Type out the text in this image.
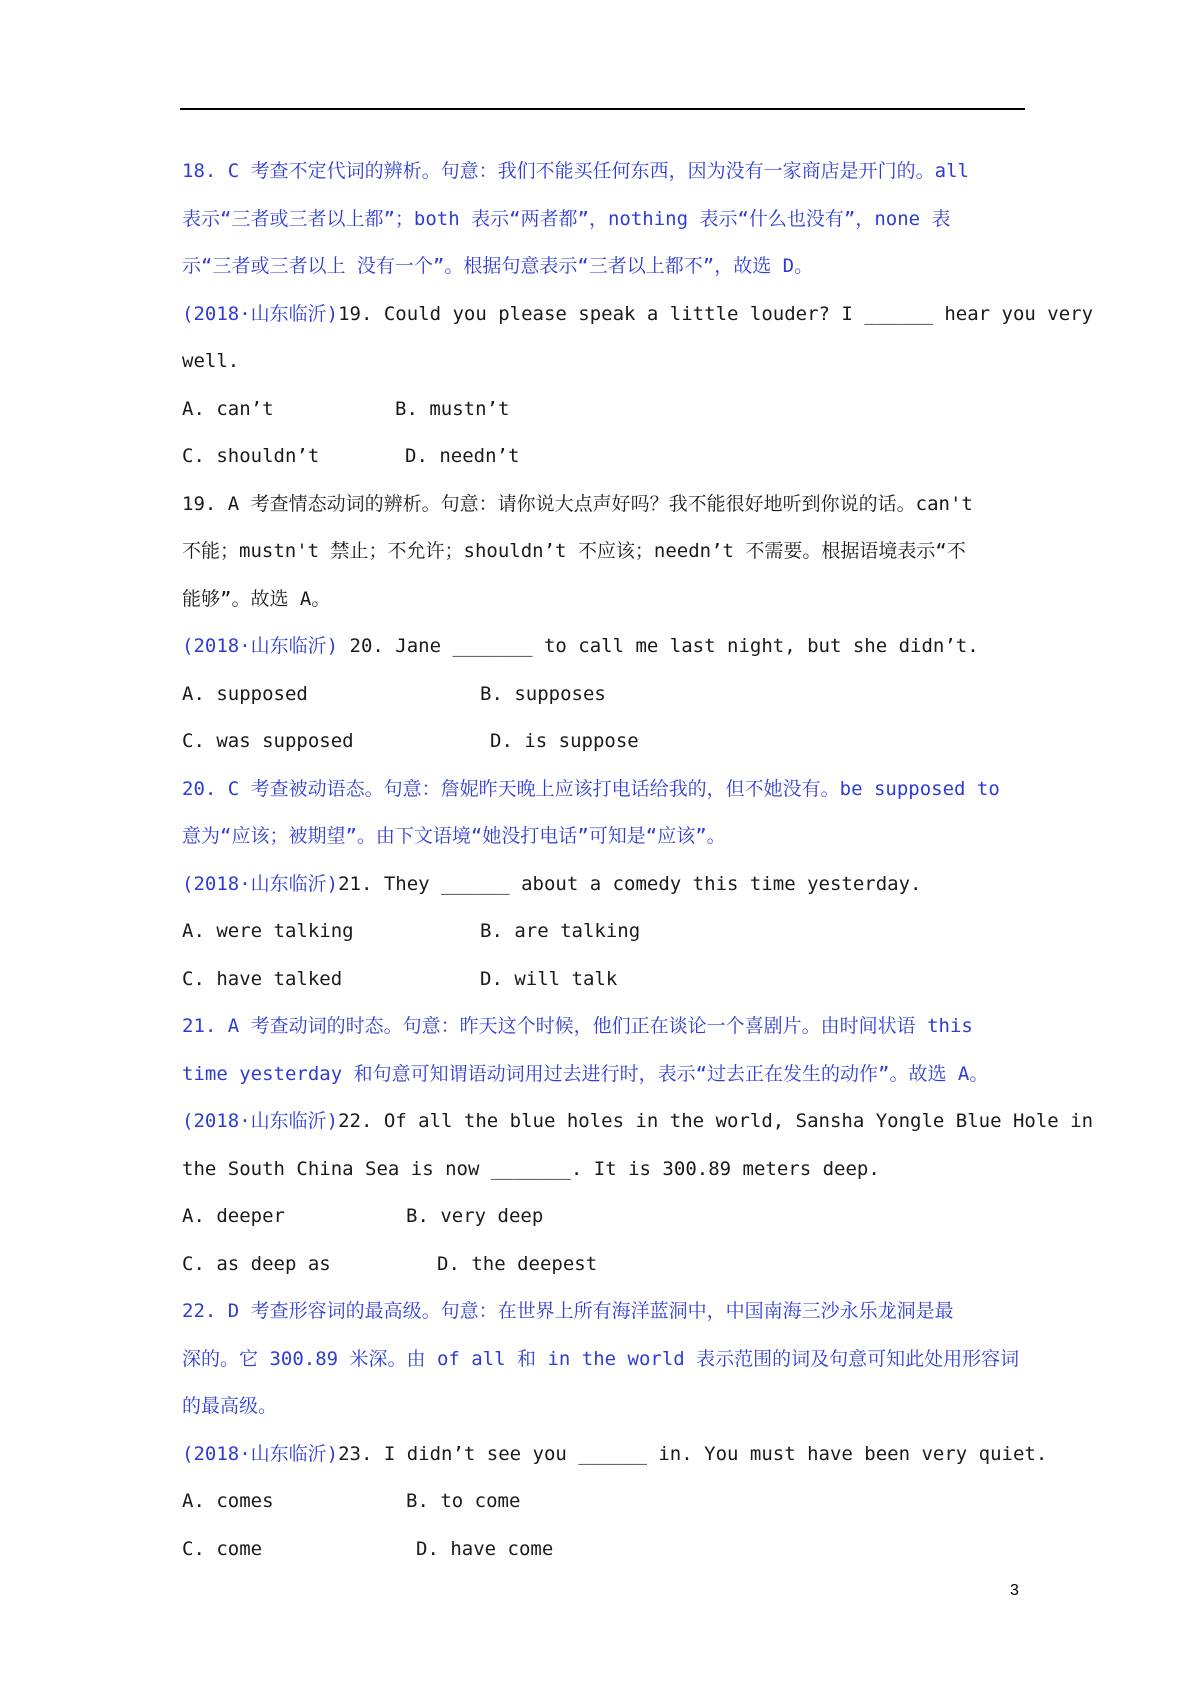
18. C 考查不定代词的辨析。句意：我们不能买任何东西，因为没有一家商店是开门的。all
表示“三者或三者以上都”；both 表示“两者都”，nothing 表示“什么也没有”，none 表
示“三者或三者以上 没有一个”。根据句意表示“三者以上都不”，故选 D。
(2018·山东临沂)19. Could you please speak a little louder? I ______ hear you very
well.
A. can’t	B. mustn’t
C. shouldn’t	D. needn’t
19. A 考查情态动词的辨析。句意：请你说大点声好吗？我不能很好地听到你说的话。can't
不能；mustn't 禁止；不允许；shouldn’t 不应该；needn’t 不需要。根据语境表示“不
能够”。故选 A。
(2018·山东临沂) 20. Jane _______ to call me last night, but she didn’t.
A. supposed	B. supposes
C. was supposed	D. is suppose
20. C 考查被动语态。句意：詹妮昨天晚上应该打电话给我的，但不她没有。be supposed to
意为“应该；被期望”。由下文语境“她没打电话”可知是“应该”。
(2018·山东临沂)21. They ______ about a comedy this time yesterday.
A. were talking	B. are talking
C. have talked	D. will talk
21. A 考查动词的时态。句意：昨天这个时候，他们正在谈论一个喜剧片。由时间状语 this
time yesterday 和句意可知谓语动词用过去进行时，表示“过去正在发生的动作”。故选 A。
(2018·山东临沂)22. Of all the blue holes in the world, Sansha Yongle Blue Hole in
the South China Sea is now _______. It is 300.89 meters deep.
A. deeper	B. very deep
C. as deep as	D. the deepest
22. D 考查形容词的最高级。句意：在世界上所有海洋蓝洞中，中国南海三沙永乐龙洞是最
深的。它 300.89 米深。由 of all 和 in the world 表示范围的词及句意可知此处用形容词
的最高级。
(2018·山东临沂)23. I didn’t see you ______ in. You must have been very quiet.
A. comes	B. to come
C. come	D. have come
3
